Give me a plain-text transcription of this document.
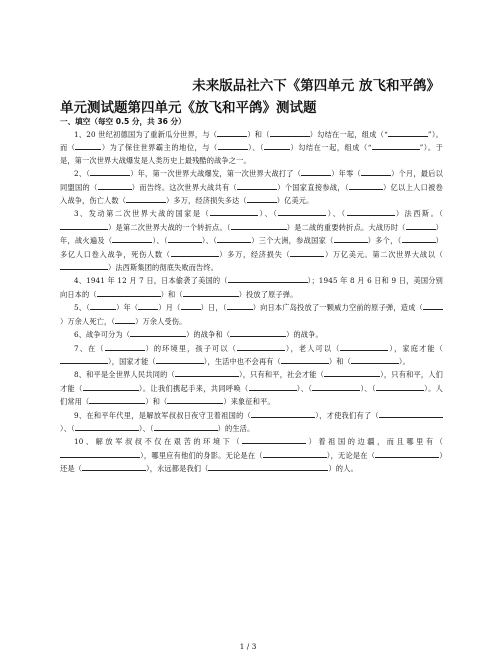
未来版品社六下《第四单元 放飞和平鸽》
单元测试题第四单元《放飞和平鸽》测试题
一、填空（每空 0.5 分，共 36 分）

1、20 世纪初德国为了重新瓜分世界，与（	）和（	）勾结在一起，组成（“	”）。而（	）为了保住世界霸主的地位，与（	）、（	）勾结在一起，组成（“	”）。于是，第一次世界大战爆发是人类历史上最残酷的战争之一。

2、（	）年，第一次世界大战爆发，第一次世界大战打了（	）年零（	）个月，最后以同盟国的（	）而告终。这次世界大战共有（	）个国家直接参战，（	）亿以上人口被卷入战争，伤亡人数（	）多万，经济损失多达（	）亿美元。

3、发动第二次世界大战的国家是（	）、（	）、（	）法西斯。（）是第二次世界大战的一个转折点。（	）是二战的重要转折点。大战历时（	）年，战火遍及（	）、（	）、（	）三个大洲，参战国家（	）多个，（	）多亿人口卷入战争，死伤人数（	）多万，经济损失（	）万亿美元。第二次世界大战以（）法西斯集团的彻底失败而告终。

4、1941 年 12 月 7 日，日本偷袭了美国的（	）；1945 年 8 月 6 日和 9 日，美国分别向日本的（	）和（	）投放了原子弹。

5、（	）年（	）月（	）日，（	）向日本广岛投放了一颗威力空前的原子弹，造成（）万余人死亡，（	）万余人受伤。

6、战争可分为（	）的战争和（	）的战争。

7、在（	）的环境里，孩子可以（	），老人可以（	），家庭才能（），国家才能（	），生活中也不会再有（	）和（	）。

8、和平是全世界人民共同的（	），只有和平，社会才能（	），只有和平，人们才能（	）。让我们携起手来，共同呼唤（	）、（	）、（	）。人们常用（	）和（	）来象征和平。

9、在和平年代里，是解放军叔叔日夜守卫着祖国的（	），才使我们有了（）、（	）、（	）的生活。

10、解放军叔叔不仅在艰苦的环境下（	）着祖国的边疆，而且哪里有（），哪里应有他们的身影。无论是在（	），无论是在（	）还是（	），永远都是我们（	）的人。

1 / 3
